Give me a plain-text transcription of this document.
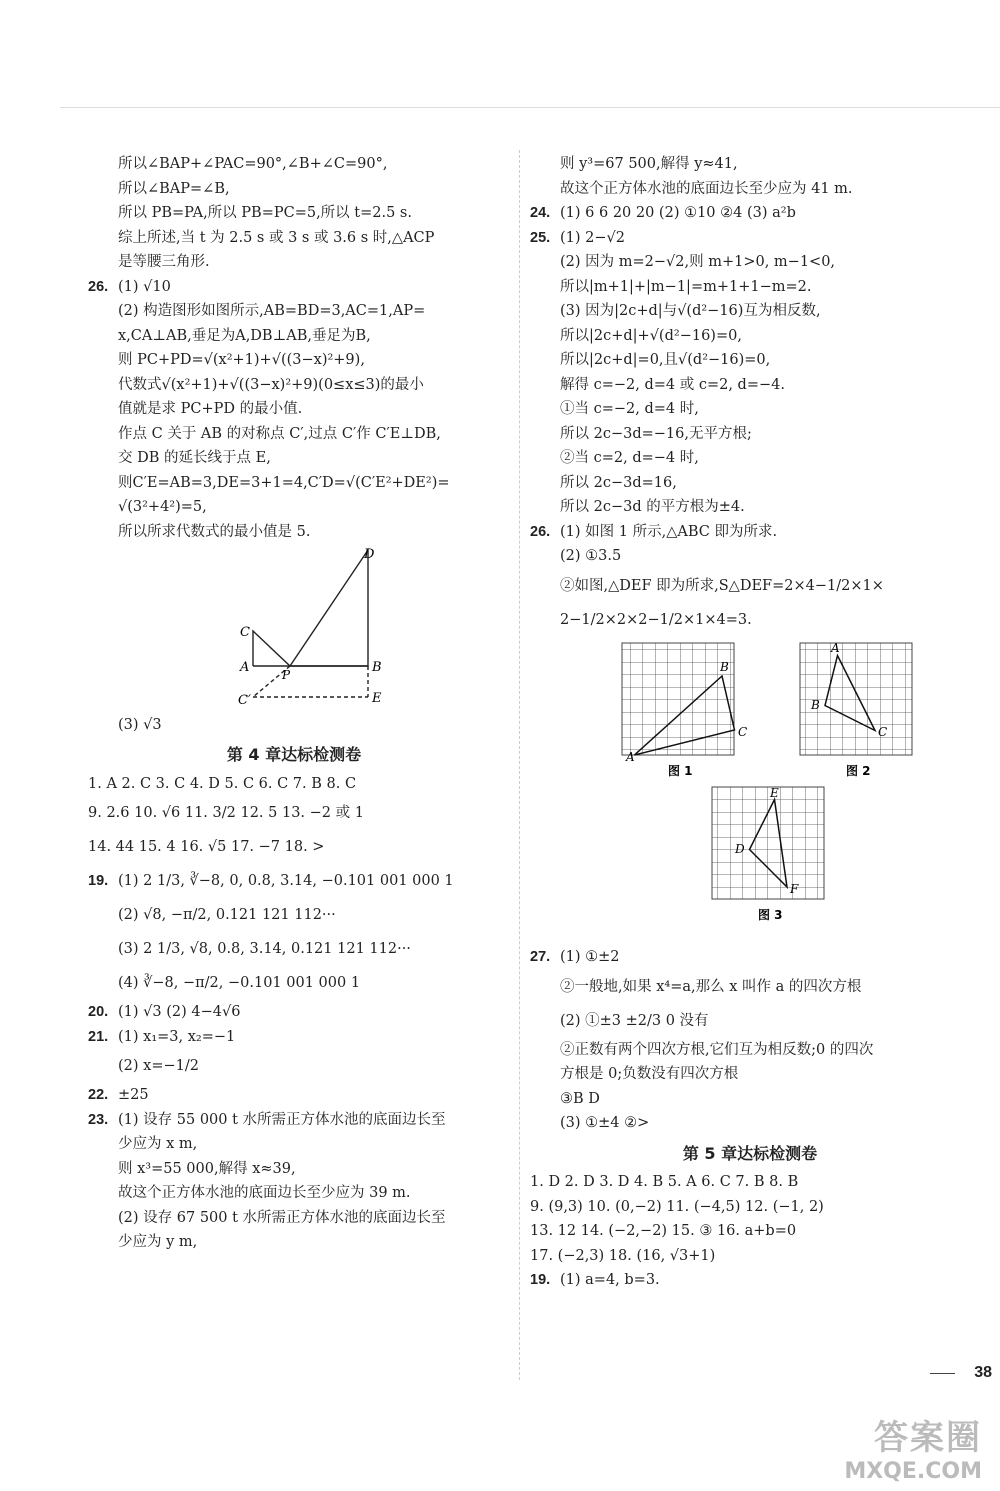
所以∠BAP+∠PAC=90°,∠B+∠C=90°,
所以∠BAP=∠B,
所以 PB=PA,所以 PB=PC=5,所以 t=2.5 s.
综上所述,当 t 为 2.5 s 或 3 s 或 3.6 s 时,△ACP
是等腰三角形.
26. (1) √10
(2) 构造图形如图所示,AB=BD=3,AC=1,AP=
x,CA⊥AB,垂足为A,DB⊥AB,垂足为B,
则 PC+PD=√(x²+1)+√((3−x)²+9),
代数式√(x²+1)+√((3−x)²+9)(0≤x≤3)的最小
值就是求 PC+PD 的最小值.
作点 C 关于 AB 的对称点 C′,过点 C′作 C′E⊥DB,
交 DB 的延长线于点 E,
则C′E=AB=3,DE=3+1=4,C′D=√(C′E²+DE²)=
√(3²+4²)=5,
所以所求代数式的最小值是 5.
D
C
A	P	B
C′	E
(3) √3
第 4 章达标检测卷
1. A 2. C 3. C 4. D 5. C 6. C 7. B 8. C
9. 2.6 10. √6 11. 3/2 12. 5 13. −2 或 1
14. 44 15. 4 16. √5 17. −7 18. >
19. (1) 2 1/3, ∛−8, 0, 0.8, 3.14, −0.101 001 000 1
(2) √8, −π/2, 0.121 121 112···
(3) 2 1/3, √8, 0.8, 3.14, 0.121 121 112···
(4) ∛−8, −π/2, −0.101 001 000 1
20. (1) √3 (2) 4−4√6
21. (1) x₁=3, x₂=−1
(2) x=−1/2
22. ±25
23. (1) 设存 55 000 t 水所需正方体水池的底面边长至
少应为 x m,
则 x³=55 000,解得 x≈39,
故这个正方体水池的底面边长至少应为 39 m.
(2) 设存 67 500 t 水所需正方体水池的底面边长至
少应为 y m,
则 y³=67 500,解得 y≈41,
故这个正方体水池的底面边长至少应为 41 m.
24. (1) 6 6 20 20 (2) ①10 ②4 (3) a²b
25. (1) 2−√2
(2) 因为 m=2−√2,则 m+1>0, m−1<0,
所以|m+1|+|m−1|=m+1+1−m=2.
(3) 因为|2c+d|与√(d²−16)互为相反数,
所以|2c+d|+√(d²−16)=0,
所以|2c+d|=0,且√(d²−16)=0,
解得 c=−2, d=4 或 c=2, d=−4.
①当 c=−2, d=4 时,
所以 2c−3d=−16,无平方根;
②当 c=2, d=−4 时,
所以 2c−3d=16,
所以 2c−3d 的平方根为±4.
26. (1) 如图 1 所示,△ABC 即为所求.
(2) ①3.5
②如图,△DEF 即为所求,S△DEF=2×4−1/2×1×
2−1/2×2×2−1/2×1×4=3.
A
B
C
图 1
A
B
C
图 2
E
D
F
图 3
27. (1) ①±2
②一般地,如果 x⁴=a,那么 x 叫作 a 的四次方根
(2) ①±3 ±2/3 0 没有
②正数有两个四次方根,它们互为相反数;0 的四次
方根是 0;负数没有四次方根
③B D
(3) ①±4 ②>
第 5 章达标检测卷
1. D 2. D 3. D 4. B 5. A 6. C 7. B 8. B
9. (9,3) 10. (0,−2) 11. (−4,5) 12. (−1, 2)
13. 12 14. (−2,−2) 15. ③ 16. a+b=0
17. (−2,3) 18. (16, √3+1)
19. (1) a=4, b=3.
38
答案圈
MXQE.COM
